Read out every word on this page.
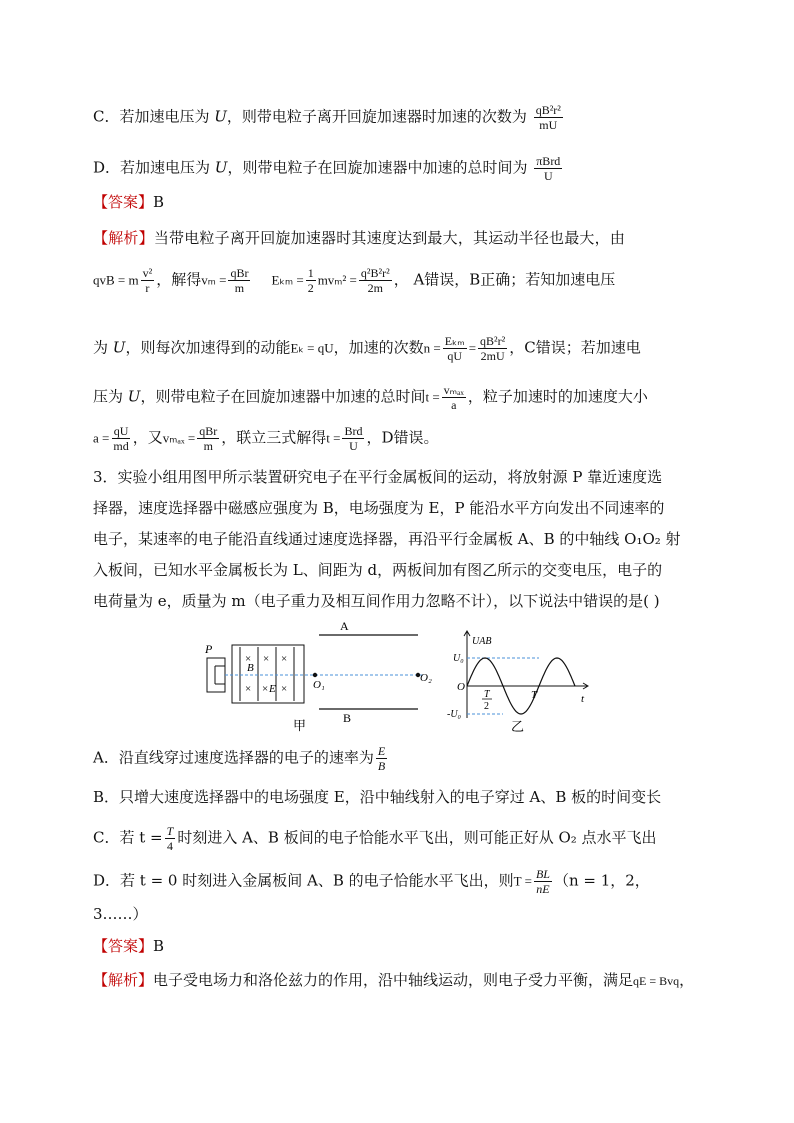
C．若加速电压为 U，则带电粒子离开回旋加速器时加速的次数为 $\frac{\text{qB²r²}}{mU}$
D．若加速电压为 U，则带电粒子在回旋加速器中加速的总时间为 $\frac{\text{πBrd}}{U}$
【答案】B
【解析】当带电粒子离开回旋加速器时其速度达到最大，其运动半径也最大，由
qvB = m $\frac{\text{v²}}{r}$ ，解得$v_m = \frac{\text{qBr}}{m}$ $E_{km} = \frac{1}{2} mv_m^2 = \frac{\text{q²B²r²}}{2m}$ ， A错误，B正确；若知加速电压
为 U，则每次加速得到的动能Eₖ = qU，加速的次数$n = \frac{\text{Eₖₘ}}{qU} = \frac{\text{qB²r²}}{2mU}$ ，C错误；若加速电
压为 U，则带电粒子在回旋加速器中加速的总时间$t = \frac{\text{vₘₐₓ}}{a}$ ，粒子加速时的加速度大小
$a = \frac{qU}{md}$ ，又$v_{max} = \frac{\text{qBr}}{m}$ ，联立三式解得$t = \frac{\text{Brd}}{U}$ ，D错误。
3．实验小组用图甲所示装置研究电子在平行金属板间的运动，将放射源 P 靠近速度选
择器，速度选择器中磁感应强度为 B，电场强度为 E，P 能沿水平方向发出不同速率的
电子，某速率的电子能沿直线通过速度选择器，再沿平行金属板 A、B 的中轴线 O₁O₂ 射
入板间，已知水平金属板长为 L、间距为 d，两板间加有图乙所示的交变电压，电子的
电荷量为 e，质量为 m（电子重力及相互间作用力忽略不计），以下说法中错误的是( )
P
× × ×
×	×
B
× E	O₁
O₂
A
B
甲
UAB
U₀
-U₀
O
T
2
T	t
乙
A．沿直线穿过速度选择器的电子的速率为 $\frac{E}{B}$
B．只增大速度选择器中的电场强度 E，沿中轴线射入的电子穿过 A、B 板的时间变长
C．若 $t = \frac{T}{4}$ 时刻进入 A、B 板间的电子恰能水平飞出，则可能正好从 O₂ 点水平飞出
D．若 t = 0 时刻进入金属板间 A、B 的电子恰能水平飞出，则$T = \frac{BL}{nE} (n = 1$，2，
3……）
【答案】B
【解析】电子受电场力和洛伦兹力的作用，沿中轴线运动，则电子受力平衡，满足qE = Bvq，
